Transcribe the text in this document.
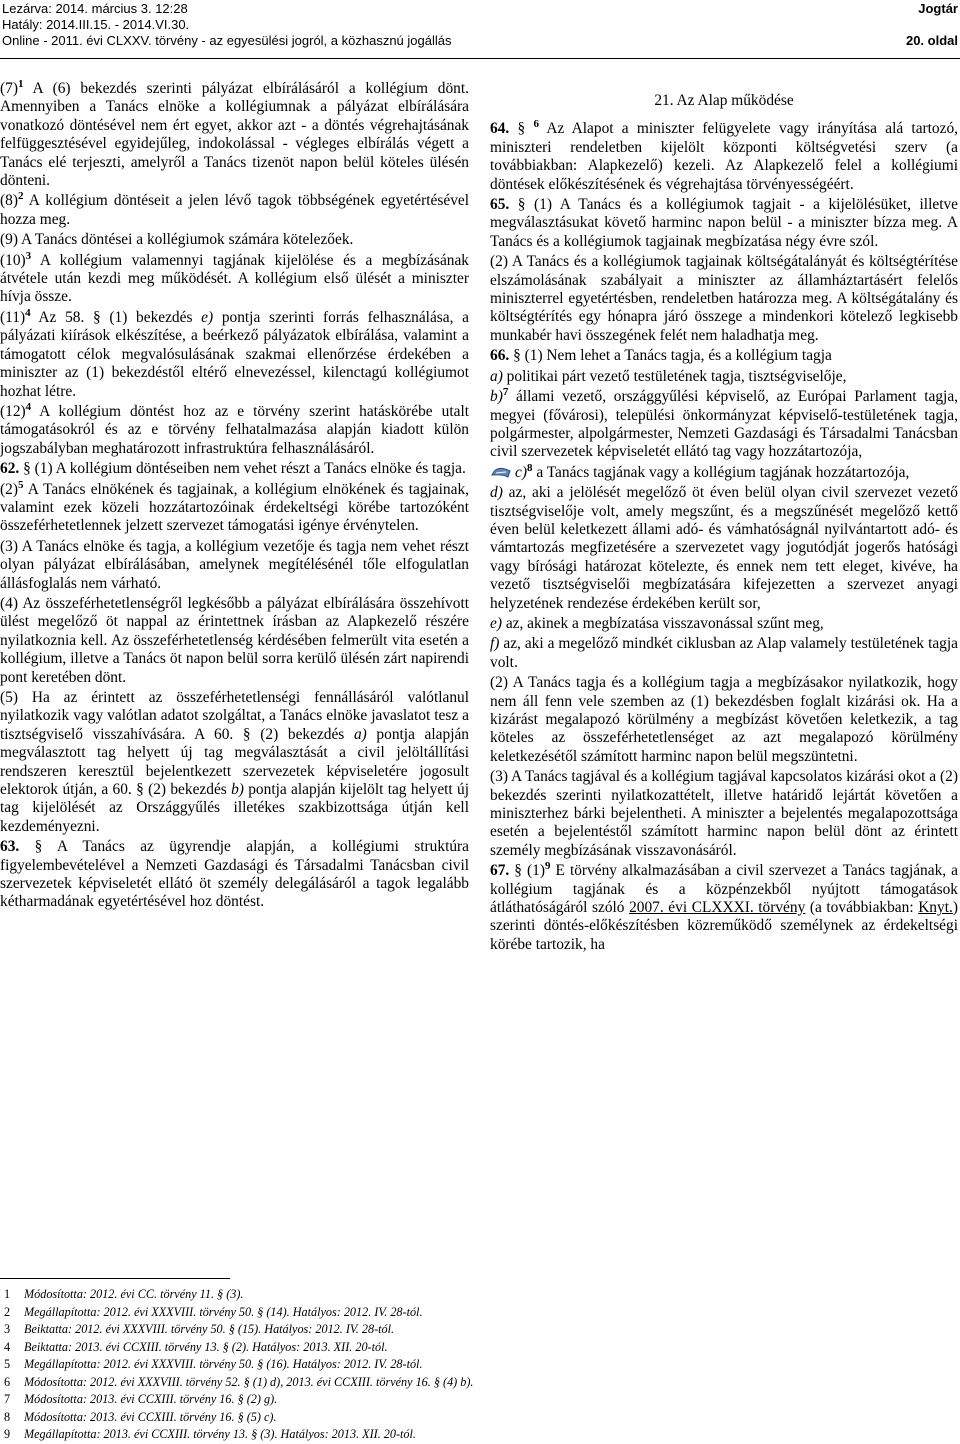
Lezárva: 2014. március 3. 12:28
Hatály: 2014.III.15. - 2014.VI.30.
Online - 2011. évi CLXXV. törvény - az egyesülési jogról, a közhasznú jogállás
Jogtár
20. oldal

$(7)^1$ A (6) bekezdés szerinti pályázat elbírálásáról a kollégium dönt. Amennyiben a Tanács elnöke a kollégiumnak a pályázat elbírálására vonatkozó döntésével nem ért egyet, akkor azt - a döntés végrehajtásának felfüggesztésével egyidejűleg, indokolással - végleges elbírálás végett a Tanács elé terjeszti, amelyről a Tanács tizenöt napon belül köteles ülésén dönteni.

$(8)^2$ A kollégium döntéseit a jelen lévő tagok többségének egyetértésével hozza meg.

(9) A Tanács döntései a kollégiumok számára kötelezőek.

$(10)^3$ A kollégium valamennyi tagjának kijelölése és a megbízásának átvétele után kezdi meg működését. A kollégium első ülését a miniszter hívja össze.

$(11)^4$ Az 58. § (1) bekezdés e) pontja szerinti forrás felhasználása, a pályázati kiírások elkészítése, a beérkező pályázatok elbírálása, valamint a támogatott célok megvalósulásának szakmai ellenőrzése érdekében a miniszter az (1) bekezdéstől eltérő elnevezéssel, kilenctagú kollégiumot hozhat létre.

$(12)^4$ A kollégium döntést hoz az e törvény szerint hatáskörébe utalt támogatásokról és az e törvény felhatalmazása alapján kiadott külön jogszabályban meghatározott infrastruktúra felhasználásáról.

62. § (1) A kollégium döntéseiben nem vehet részt a Tanács elnöke és tagja.

$(2)^5$ A Tanács elnökének és tagjainak, a kollégium elnökének és tagjainak, valamint ezek közeli hozzátartozóinak érdekeltségi körébe tartozóként összeférhetetlennek jelzett szervezet támogatási igénye érvénytelen.

(3) A Tanács elnöke és tagja, a kollégium vezetője és tagja nem vehet részt olyan pályázat elbírálásában, amelynek megítélésénél tőle elfogulatlan állásfoglalás nem várható.

(4) Az összeférhetetlenségről legkésőbb a pályázat elbírálására összehívott ülést megelőző öt nappal az érintettnek írásban az Alapkezelő részére nyilatkoznia kell. Az összeférhetetlenség kérdésében felmerült vita esetén a kollégium, illetve a Tanács öt napon belül sorra kerülő ülésén zárt napirendi pont keretében dönt.

(5) Ha az érintett az összeférhetetlenségi fennállásáról valótlanul nyilatkozik vagy valótlan adatot szolgáltat, a Tanács elnöke javaslatot tesz a tisztségviselő visszahívására. A 60. § (2) bekezdés a) pontja alapján megválasztott tag helyett új tag megválasztását a civil jelöltállítási rendszeren keresztül bejelentkezett szervezetek képviseletére jogosult elektorok útján, a 60. § (2) bekezdés b) pontja alapján kijelölt tag helyett új tag kijelölését az Országgyűlés illetékes szakbizottsága útján kell kezdeményezni.

63. § A Tanács az ügyrendje alapján, a kollégiumi struktúra figyelembevételével a Nemzeti Gazdasági és Társadalmi Tanácsban civil szervezetek képviseletét ellátó öt személy delegálásáról a tagok legalább kétharmadának egyetértésével hoz döntést.

21. Az Alap működése

64. § $^6$ Az Alapot a miniszter felügyelete vagy irányítása alá tartozó, miniszteri rendeletben kijelölt központi költségvetési szerv (a továbbiakban: Alapkezelő) kezeli. Az Alapkezelő felel a kollégiumi döntések előkészítésének és végrehajtása törvényességéért.

65. § (1) A Tanács és a kollégiumok tagjait - a kijelölésüket, illetve megválasztásukat követő harminc napon belül - a miniszter bízza meg. A Tanács és a kollégiumok tagjainak megbízatása négy évre szól.

(2) A Tanács és a kollégiumok tagjainak költségátalányát és költségtérítése elszámolásának szabályait a miniszter az államháztartásért felelős miniszterrel egyetértésben, rendeletben határozza meg. A költségátalány és költségtérítés egy hónapra járó összege a mindenkori kötelező legkisebb munkabér havi összegének felét nem haladhatja meg.

66. § (1) Nem lehet a Tanács tagja, és a kollégium tagja

a) politikai párt vezető testületének tagja, tisztségviselője,

b)$^7$ állami vezető, országgyűlési képviselő, az Európai Parlament tagja, megyei (fővárosi), települési önkormányzat képviselő-testületének tagja, polgármester, alpolgármester, Nemzeti Gazdasági és Társadalmi Tanácsban civil szervezetek képviseletét ellátó tag vagy hozzátartozója,

c)$^8$ a Tanács tagjának vagy a kollégium tagjának hozzátartozója,

d) az, aki a jelölését megelőző öt éven belül olyan civil szervezet vezető tisztségviselője volt, amely megszűnt, és a megszűnését megelőző kettő éven belül keletkezett állami adó- és vámhatóságnál nyilvántartott adó- és vámtartozás megfizetésére a szervezetet vagy jogutódját jogerős hatósági vagy bírósági határozat kötelezte, és ennek nem tett eleget, kivéve, ha vezető tisztségviselői megbízatására kifejezetten a szervezet anyagi helyzetének rendezése érdekében került sor,

e) az, akinek a megbízatása visszavonással szűnt meg,

f) az, aki a megelőző mindkét ciklusban az Alap valamely testületének tagja volt.

(2) A Tanács tagja és a kollégium tagja a megbízásakor nyilatkozik, hogy nem áll fenn vele szemben az (1) bekezdésben foglalt kizárási ok. Ha a kizárást megalapozó körülmény a megbízást követően keletkezik, a tag köteles az összeférhetetlenséget az azt megalapozó körülmény keletkezésétől számított harminc napon belül megszüntetni.

(3) A Tanács tagjával és a kollégium tagjával kapcsolatos kizárási okot a (2) bekezdés szerinti nyilatkozattételt, illetve határidő lejártát követően a miniszterhez bárki bejelentheti. A miniszter a bejelentés megalapozottsága esetén a bejelentéstől számított harminc napon belül dönt az érintett személy megbízásának visszavonásáról.

67. § $(1)^9$ E törvény alkalmazásában a civil szervezet a Tanács tagjának, a kollégium tagjának és a közpénzekből nyújtott támogatások átláthatóságáról szóló 2007. évi CLXXXI. törvény (a továbbiakban: Knyt.) szerinti döntés-előkészítésben közreműködő személynek az érdekeltségi körébe tartozik, ha

1 Módosította: 2012. évi CC. törvény 11. § (3).
2 Megállapította: 2012. évi XXXVIII. törvény 50. § (14). Hatályos: 2012. IV. 28-tól.
3 Beiktatta: 2012. évi XXXVIII. törvény 50. § (15). Hatályos: 2012. IV. 28-tól.
4 Beiktatta: 2013. évi CCXIII. törvény 13. § (2). Hatályos: 2013. XII. 20-tól.
5 Megállapította: 2012. évi XXXVIII. törvény 50. § (16). Hatályos: 2012. IV. 28-tól.
6 Módosította: 2012. évi XXXVIII. törvény 52. § (1) d), 2013. évi CCXIII. törvény 16. § (4) b).
7 Módosította: 2013. évi CCXIII. törvény 16. § (2) g).
8 Módosította: 2013. évi CCXIII. törvény 16. § (5) c).
9 Megállapította: 2013. évi CCXIII. törvény 13. § (3). Hatályos: 2013. XII. 20-tól.
